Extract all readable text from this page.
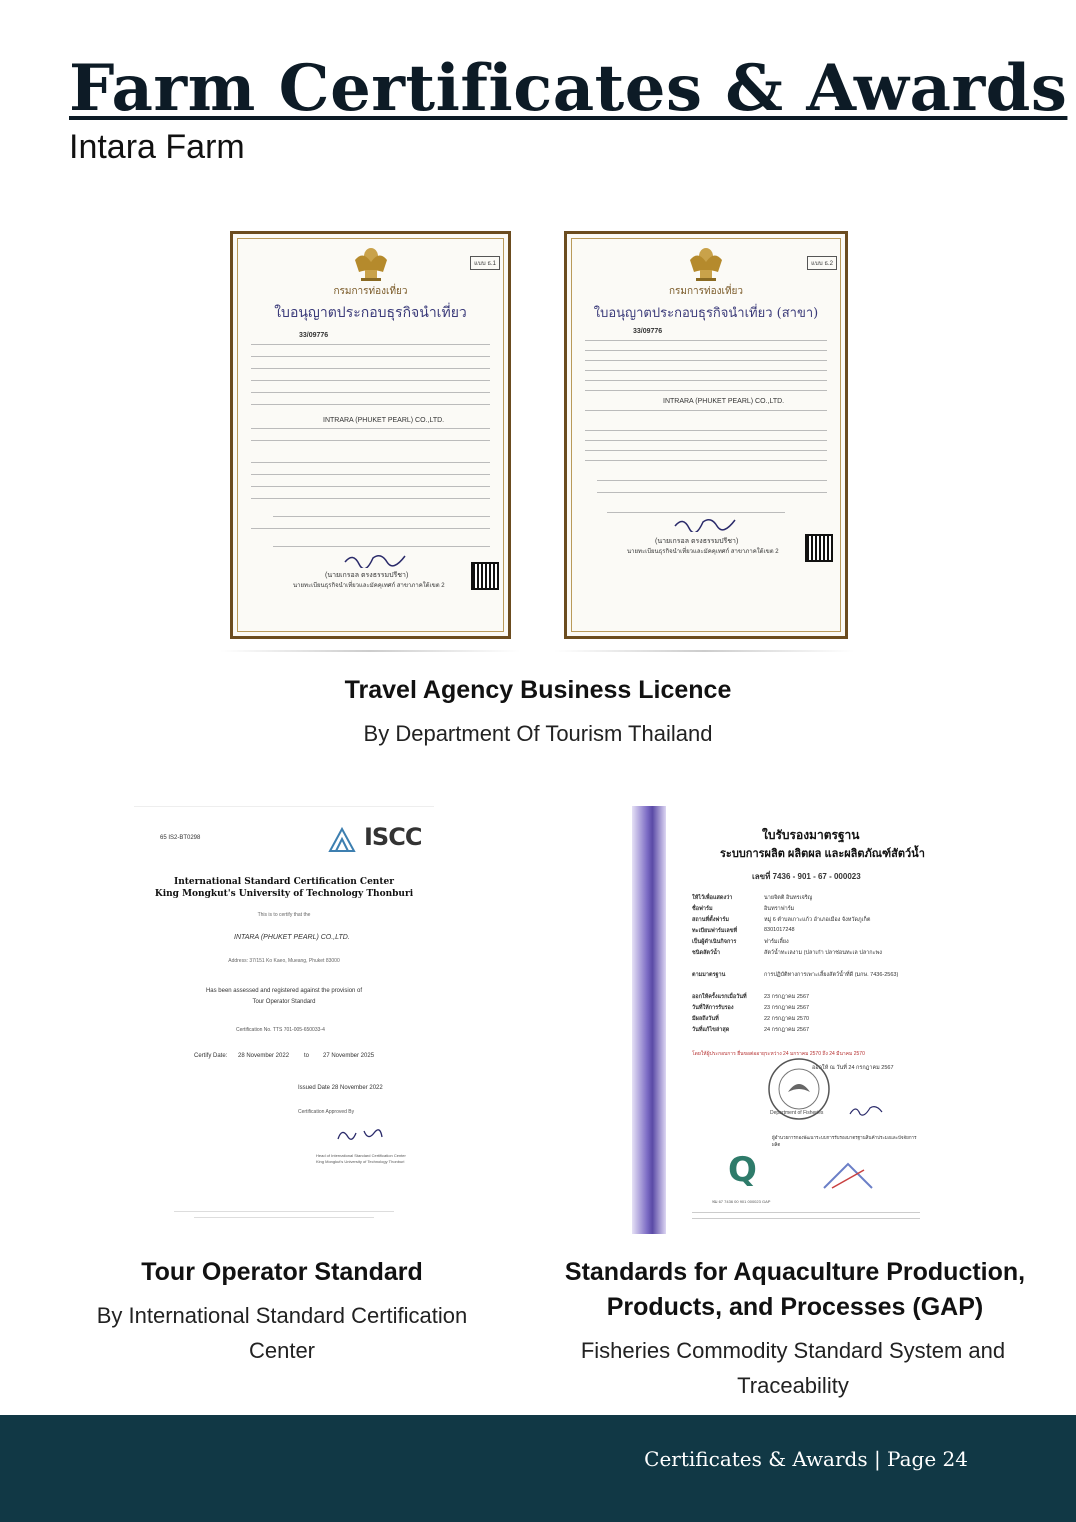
Farm Certificates & Awards
Intara Farm
แบบ ธ.1
กรมการท่องเที่ยว
ใบอนุญาตประกอบธุรกิจนำเที่ยว
33/09776
INTRARA (PHUKET PEARL) CO.,LTD.
(นายเกรอล ตรงธรรมปรีชา)
นายทะเบียนธุรกิจนำเที่ยวและมัคคุเทศก์ สาขาภาคใต้เขต 2
แบบ ธ.2
กรมการท่องเที่ยว
ใบอนุญาตประกอบธุรกิจนำเที่ยว (สาขา)
33/09776
INTRARA (PHUKET PEARL) CO.,LTD.
(นายเกรอล ตรงธรรมปรีชา)
นายทะเบียนธุรกิจนำเที่ยวและมัคคุเทศก์ สาขาภาคใต้เขต 2
Travel Agency Business Licence
By Department Of Tourism Thailand
65 IS2-BT0298	ISCC
International Standard Certification Center
King Mongkut's University of Technology Thonburi
This is to certify that the
INTARA (PHUKET PEARL) CO.,LTD.
Address: 37/151 Ko Kaeo, Mueang, Phuket 83000
Has been assessed and registered against the provision of
Tour Operator Standard
Certification No. TTS 701-005-650033-4
Certify Date: 28 November 2022 to 27 November 2025
Issued Date 28 November 2022
Certification Approved By
Head of International Standard Certification Center
King Mongkut's University of Technology Thonburi
Tour Operator Standard
By International Standard Certification Center
ใบรับรองมาตรฐาน
ระบบการผลิต ผลิตผล และผลิตภัณฑ์สัตว์น้ำ
เลขที่ 7436 - 901 - 67 - 000023
ให้ไว้เพื่อแสดงว่า	นายจิตติ อินทรเจริญ
ชื่อฟาร์ม	อินทราฟาร์ม
สถานที่ตั้งฟาร์ม	หมู่ 6 ตำบลเกาะแก้ว อำเภอเมือง จังหวัดภูเก็ต
ทะเบียนฟาร์มเลขที่	8301017248
เป็นผู้ดำเนินกิจการ	ฟาร์มเลี้ยง
ชนิดสัตว์น้ำ	สัตว์น้ำทะเลงาม (ปลาเก๋า ปลาช่อนทะเล ปลากะพง
ตามมาตรฐาน	การปฏิบัติทางการเพาะเลี้ยงสัตว์น้ำที่ดี (มกษ. 7436-2563)
ออกให้ครั้งแรกเมื่อวันที่	23 กรกฎาคม 2567
วันที่ให้การรับรอง	23 กรกฎาคม 2567
มีผลถึงวันที่	22 กรกฎาคม 2570
วันที่แก้ไขล่าสุด	24 กรกฎาคม 2567
โดยให้ผู้ประกอบการ ยื่นขอต่ออายุระหว่าง 24 มกราคม 2570 ถึง 24 มีนาคม 2570
ออกให้ ณ วันที่ 24 กรกฎาคม 2567
Department of Fisheries
ผู้อำนวยการกองพัฒนาระบบการรับรองมาตรฐานสินค้าประมงและปัจจัยการผลิต
Q
ฟม 67 7436 00 901 000023 GAP
Standards for Aquaculture Production, Products, and Processes (GAP)
Fisheries Commodity Standard System and Traceability
Certificates & Awards | Page 24
